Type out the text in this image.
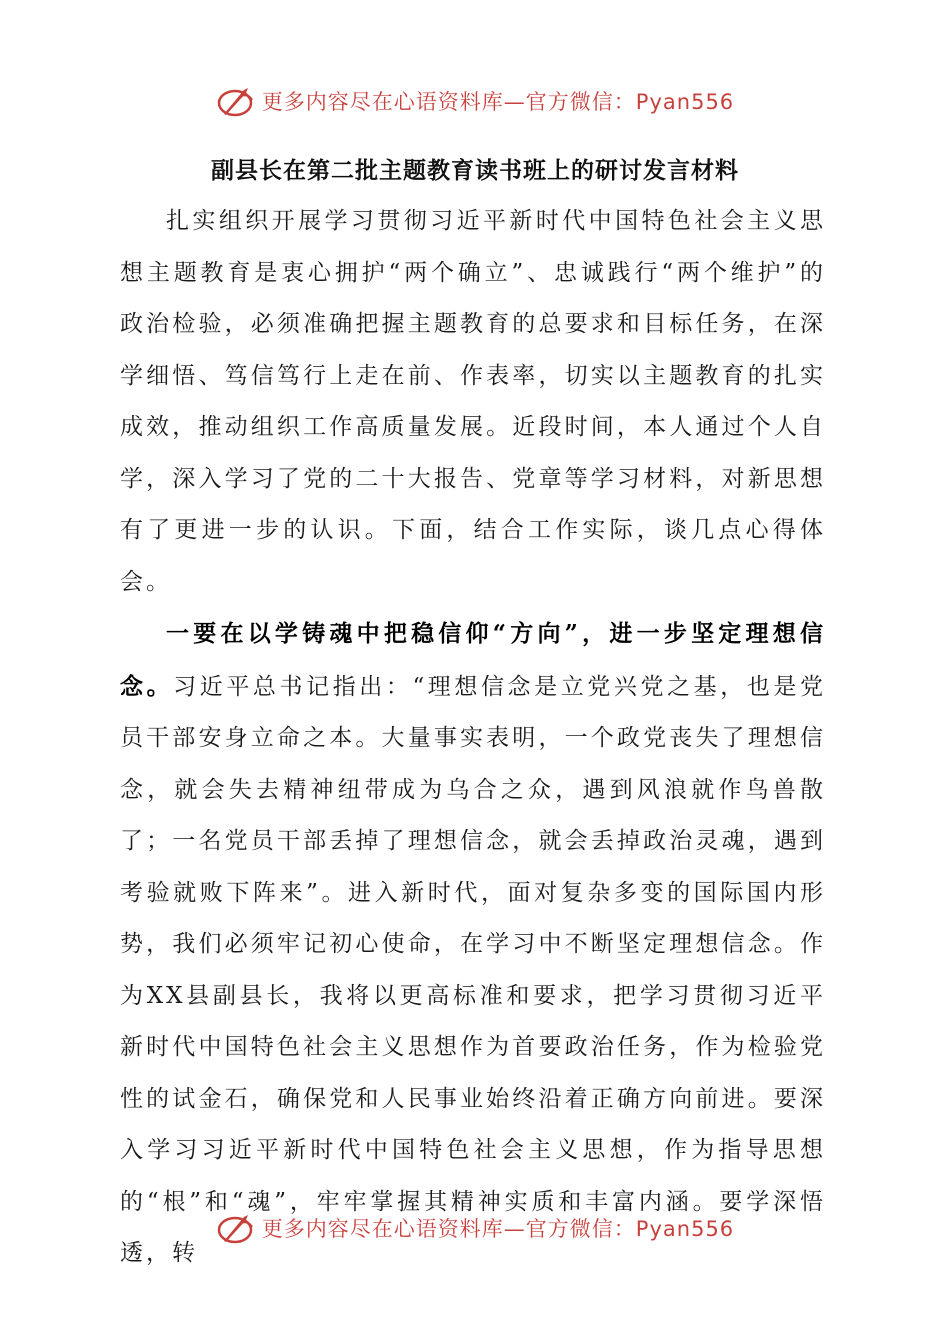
更多内容尽在心语资料库—官方微信：Pyan556
副县长在第二批主题教育读书班上的研讨发言材料

扎实组织开展学习贯彻习近平新时代中国特色社会主义思想主题教育是衷心拥护“两个确立”、忠诚践行“两个维护”的政治检验，必须准确把握主题教育的总要求和目标任务，在深学细悟、笃信笃行上走在前、作表率，切实以主题教育的扎实成效，推动组织工作高质量发展。近段时间，本人通过个人自学，深入学习了党的二十大报告、党章等学习材料，对新思想有了更进一步的认识。下面，结合工作实际，谈几点心得体会。

一要在以学铸魂中把稳信仰“方向”，进一步坚定理想信念。习近平总书记指出：“理想信念是立党兴党之基，也是党员干部安身立命之本。大量事实表明，一个政党丧失了理想信念，就会失去精神纽带成为乌合之众，遇到风浪就作鸟兽散了；一名党员干部丢掉了理想信念，就会丢掉政治灵魂，遇到考验就败下阵来”。进入新时代，面对复杂多变的国际国内形势，我们必须牢记初心使命，在学习中不断坚定理想信念。作为XX县副县长，我将以更高标准和要求，把学习贯彻习近平新时代中国特色社会主义思想作为首要政治任务，作为检验党性的试金石，确保党和人民事业始终沿着正确方向前进。要深入学习习近平新时代中国特色社会主义思想，作为指导思想的“根”和“魂”，牢牢掌握其精神实质和丰富内涵。要学深悟透，转

更多内容尽在心语资料库—官方微信：Pyan556
